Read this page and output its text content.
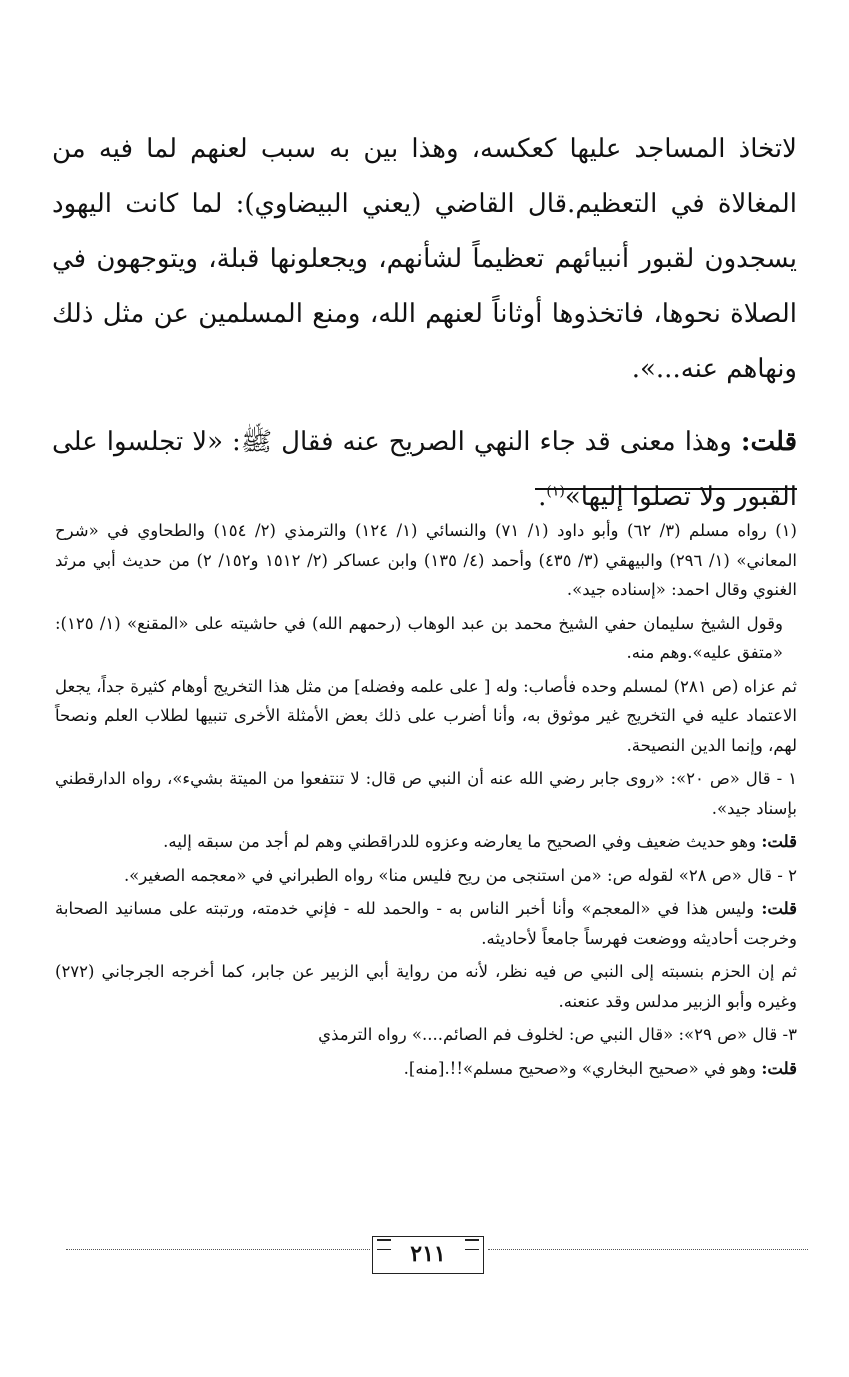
لاتخاذ المساجد عليها كعكسه، وهذا بين به سبب لعنهم لما فيه من المغالاة في التعظيم.قال القاضي (يعني البيضاوي): لما كانت اليهود يسجدون لقبور أنبيائهم تعظيماً لشأنهم، ويجعلونها قبلة، ويتوجهون في الصلاة نحوها، فاتخذوها أوثاناً لعنهم الله، ومنع المسلمين عن مثل ذلك ونهاهم عنه...».

قلت: وهذا معنى قد جاء النهي الصريح عنه فقال ﷺ: «لا تجلسوا على القبور ولا تصلوا إليها»$^{(١)}$.

(١) رواه مسلم (٣/ ٦٢) وأبو داود (١/ ٧١) والنسائي (١/ ١٢٤) والترمذي (٢/ ١٥٤) والطحاوي في «شرح المعاني» (١/ ٢٩٦) والبيهقي (٣/ ٤٣٥) وأحمد (٤/ ١٣٥) وابن عساكر (٢/ ١٥١٢ و١٥٢/ ٢) من حديث أبي مرثد الغنوي وقال احمد: «إسناده جيد».

وقول الشيخ سليمان حفي الشيخ محمد بن عبد الوهاب (رحمهم الله) في حاشيته على «المقنع» (١/ ١٢٥): «متفق عليه».وهم منه.

ثم عزاه (ص ٢٨١) لمسلم وحده فأصاب: وله [ على علمه وفضله] من مثل هذا التخريج أوهام كثيرة جداً، يجعل الاعتماد عليه في التخريج غير موثوق به، وأنا أضرب على ذلك بعض الأمثلة الأخرى تنبيها لطلاب العلم ونصحاً لهم، وإنما الدين النصيحة.

١ - قال «ص ٢٠»: «روى جابر رضي الله عنه أن النبي ص قال: لا تنتفعوا من الميتة بشيء»، رواه الدارقطني بإسناد جيد».

قلت: وهو حديث ضعيف وفي الصحيح ما يعارضه وعزوه للدراقطني وهم لم أجد من سبقه إليه.

٢ - قال «ص ٢٨» لقوله ص: «من استنجى من ريح فليس منا» رواه الطبراني في «معجمه الصغير».

قلت: وليس هذا في «المعجم» وأنا أخبر الناس به - والحمد لله - فإني خدمته، ورتبته على مسانيد الصحابة وخرجت أحاديثه ووضعت فهرساً جامعاً لأحاديثه.

ثم إن الحزم بنسبته إلى النبي ص فيه نظر، لأنه من رواية أبي الزبير عن جابر، كما أخرجه الجرجاني (٢٧٢) وغيره وأبو الزبير مدلس وقد عنعنه.

٣- قال «ص ٢٩»: «قال النبي ص: لخلوف فم الصائم....» رواه الترمذي

قلت: وهو في «صحيح البخاري» و«صحيح مسلم»!!.[منه].

٢١١
